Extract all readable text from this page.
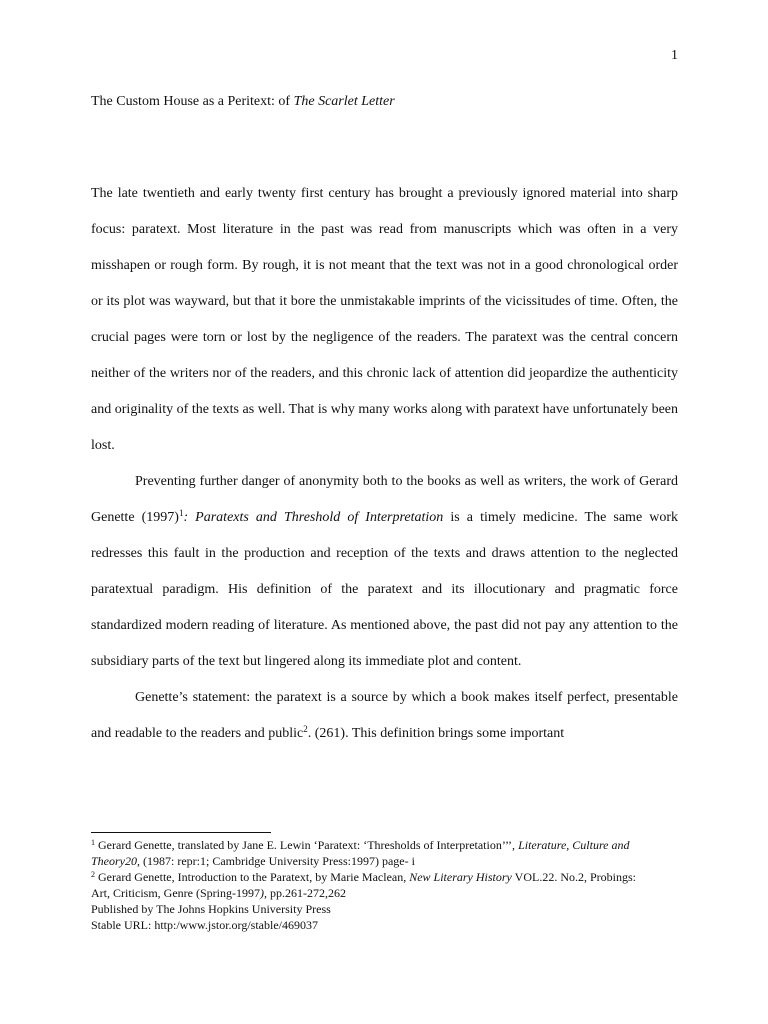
1
The Custom House as a Peritext: of The Scarlet Letter

The late twentieth and early twenty first century has brought a previously ignored material into sharp focus: paratext. Most literature in the past was read from manuscripts which was often in a very misshapen or rough form. By rough, it is not meant that the text was not in a good chronological order or its plot was wayward, but that it bore the unmistakable imprints of the vicissitudes of time. Often, the crucial pages were torn or lost by the negligence of the readers. The paratext was the central concern neither of the writers nor of the readers, and this chronic lack of attention did jeopardize the authenticity and originality of the texts as well. That is why many works along with paratext have unfortunately been lost.

Preventing further danger of anonymity both to the books as well as writers, the work of Gerard Genette $(1997)^1$: Paratexts and Threshold of Interpretation is a timely medicine. The same work redresses this fault in the production and reception of the texts and draws attention to the neglected paratextual paradigm. His definition of the paratext and its illocutionary and pragmatic force standardized modern reading of literature. As mentioned above, the past did not pay any attention to the subsidiary parts of the text but lingered along its immediate plot and content.

Genette’s statement: the paratext is a source by which a book makes itself perfect, presentable and readable to the readers and public$^2$. (261). This definition brings some important

$^1$ Gerard Genette, translated by Jane E. Lewin ‘Paratext: ‘Thresholds of Interpretation’’’, Literature, Culture and
Theory20, (1987: repr:1; Cambridge University Press:1997) page- i
$^2$ Gerard Genette, Introduction to the Paratext, by Marie Maclean, New Literary History VOL.22. No.2, Probings:
Art, Criticism, Genre (Spring-1997), pp.261-272,262
Published by The Johns Hopkins University Press
Stable URL: http:/www.jstor.org/stable/469037
